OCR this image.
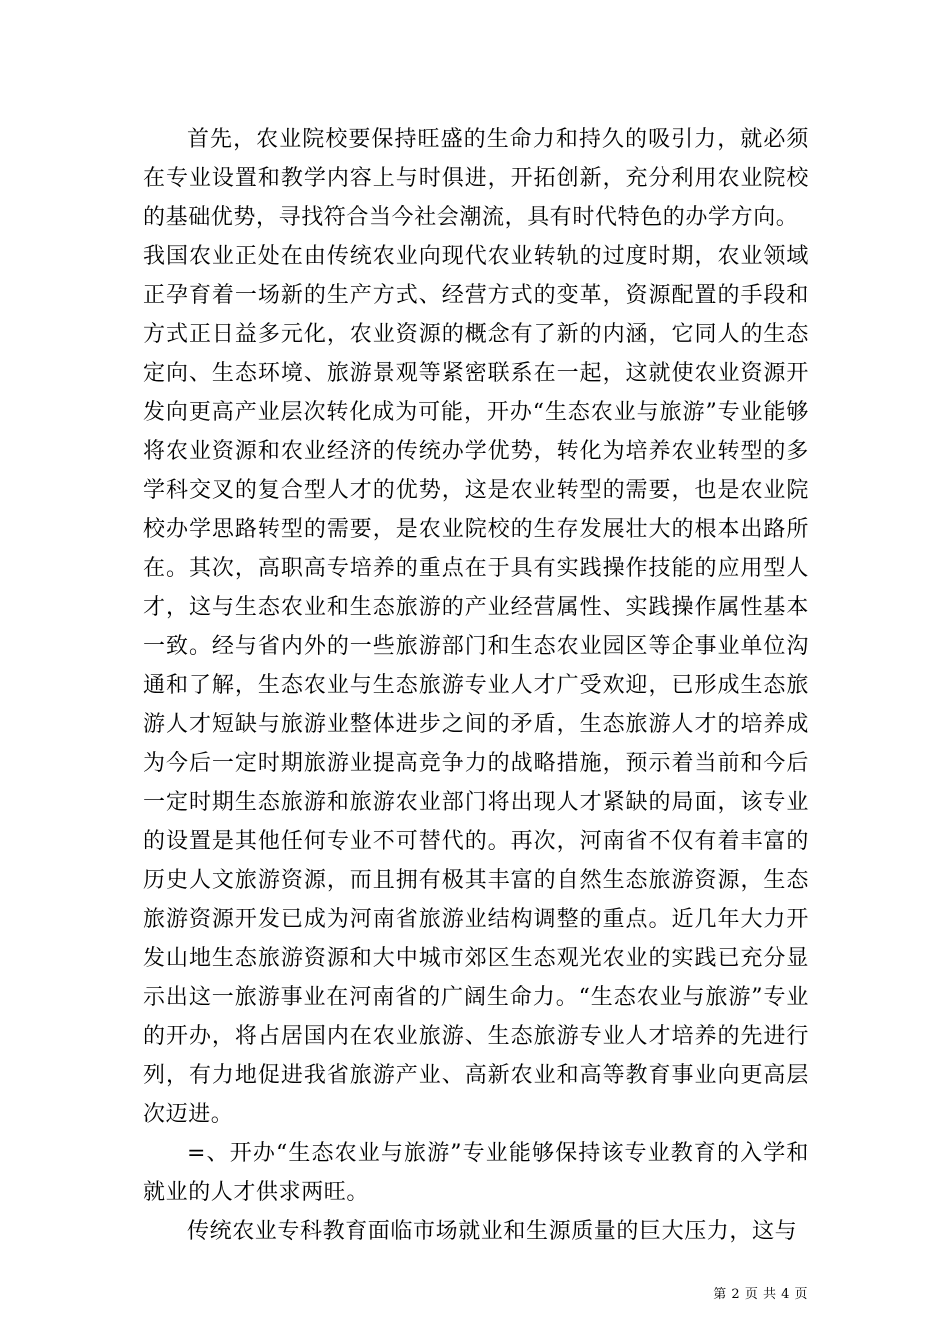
首先，农业院校要保持旺盛的生命力和持久的吸引力，就必须在专业设置和教学内容上与时俱进，开拓创新，充分利用农业院校的基础优势，寻找符合当今社会潮流，具有时代特色的办学方向。

我国农业正处在由传统农业向现代农业转轨的过度时期，农业领域正孕育着一场新的生产方式、经营方式的变革，资源配置的手段和方式正日益多元化，农业资源的概念有了新的内涵，它同人的生态定向、生态环境、旅游景观等紧密联系在一起，这就使农业资源开发向更高产业层次转化成为可能，开办“生态农业与旅游”专业能够将农业资源和农业经济的传统办学优势，转化为培养农业转型的多学科交叉的复合型人才的优势，这是农业转型的需要，也是农业院校办学思路转型的需要，是农业院校的生存发展壮大的根本出路所在。其次，高职高专培养的重点在于具有实践操作技能的应用型人才，这与生态农业和生态旅游的产业经营属性、实践操作属性基本一致。经与省内外的一些旅游部门和生态农业园区等企事业单位沟通和了解，生态农业与生态旅游专业人才广受欢迎，已形成生态旅游人才短缺与旅游业整体进步之间的矛盾，生态旅游人才的培养成为今后一定时期旅游业提高竞争力的战略措施，预示着当前和今后一定时期生态旅游和旅游农业部门将出现人才紧缺的局面，该专业的设置是其他任何专业不可替代的。再次，河南省不仅有着丰富的历史人文旅游资源，而且拥有极其丰富的自然生态旅游资源，生态旅游资源开发已成为河南省旅游业结构调整的重点。近几年大力开发山地生态旅游资源和大中城市郊区生态观光农业的实践已充分显示出这一旅游事业在河南省的广阔生命力。“生态农业与旅游”专业的开办，将占居国内在农业旅游、生态旅游专业人才培养的先进行列，有力地促进我省旅游产业、高新农业和高等教育事业向更高层次迈进。

=、开办“生态农业与旅游”专业能够保持该专业教育的入学和就业的人才供求两旺。

传统农业专科教育面临市场就业和生源质量的巨大压力，这与

第 2 页 共 4 页
